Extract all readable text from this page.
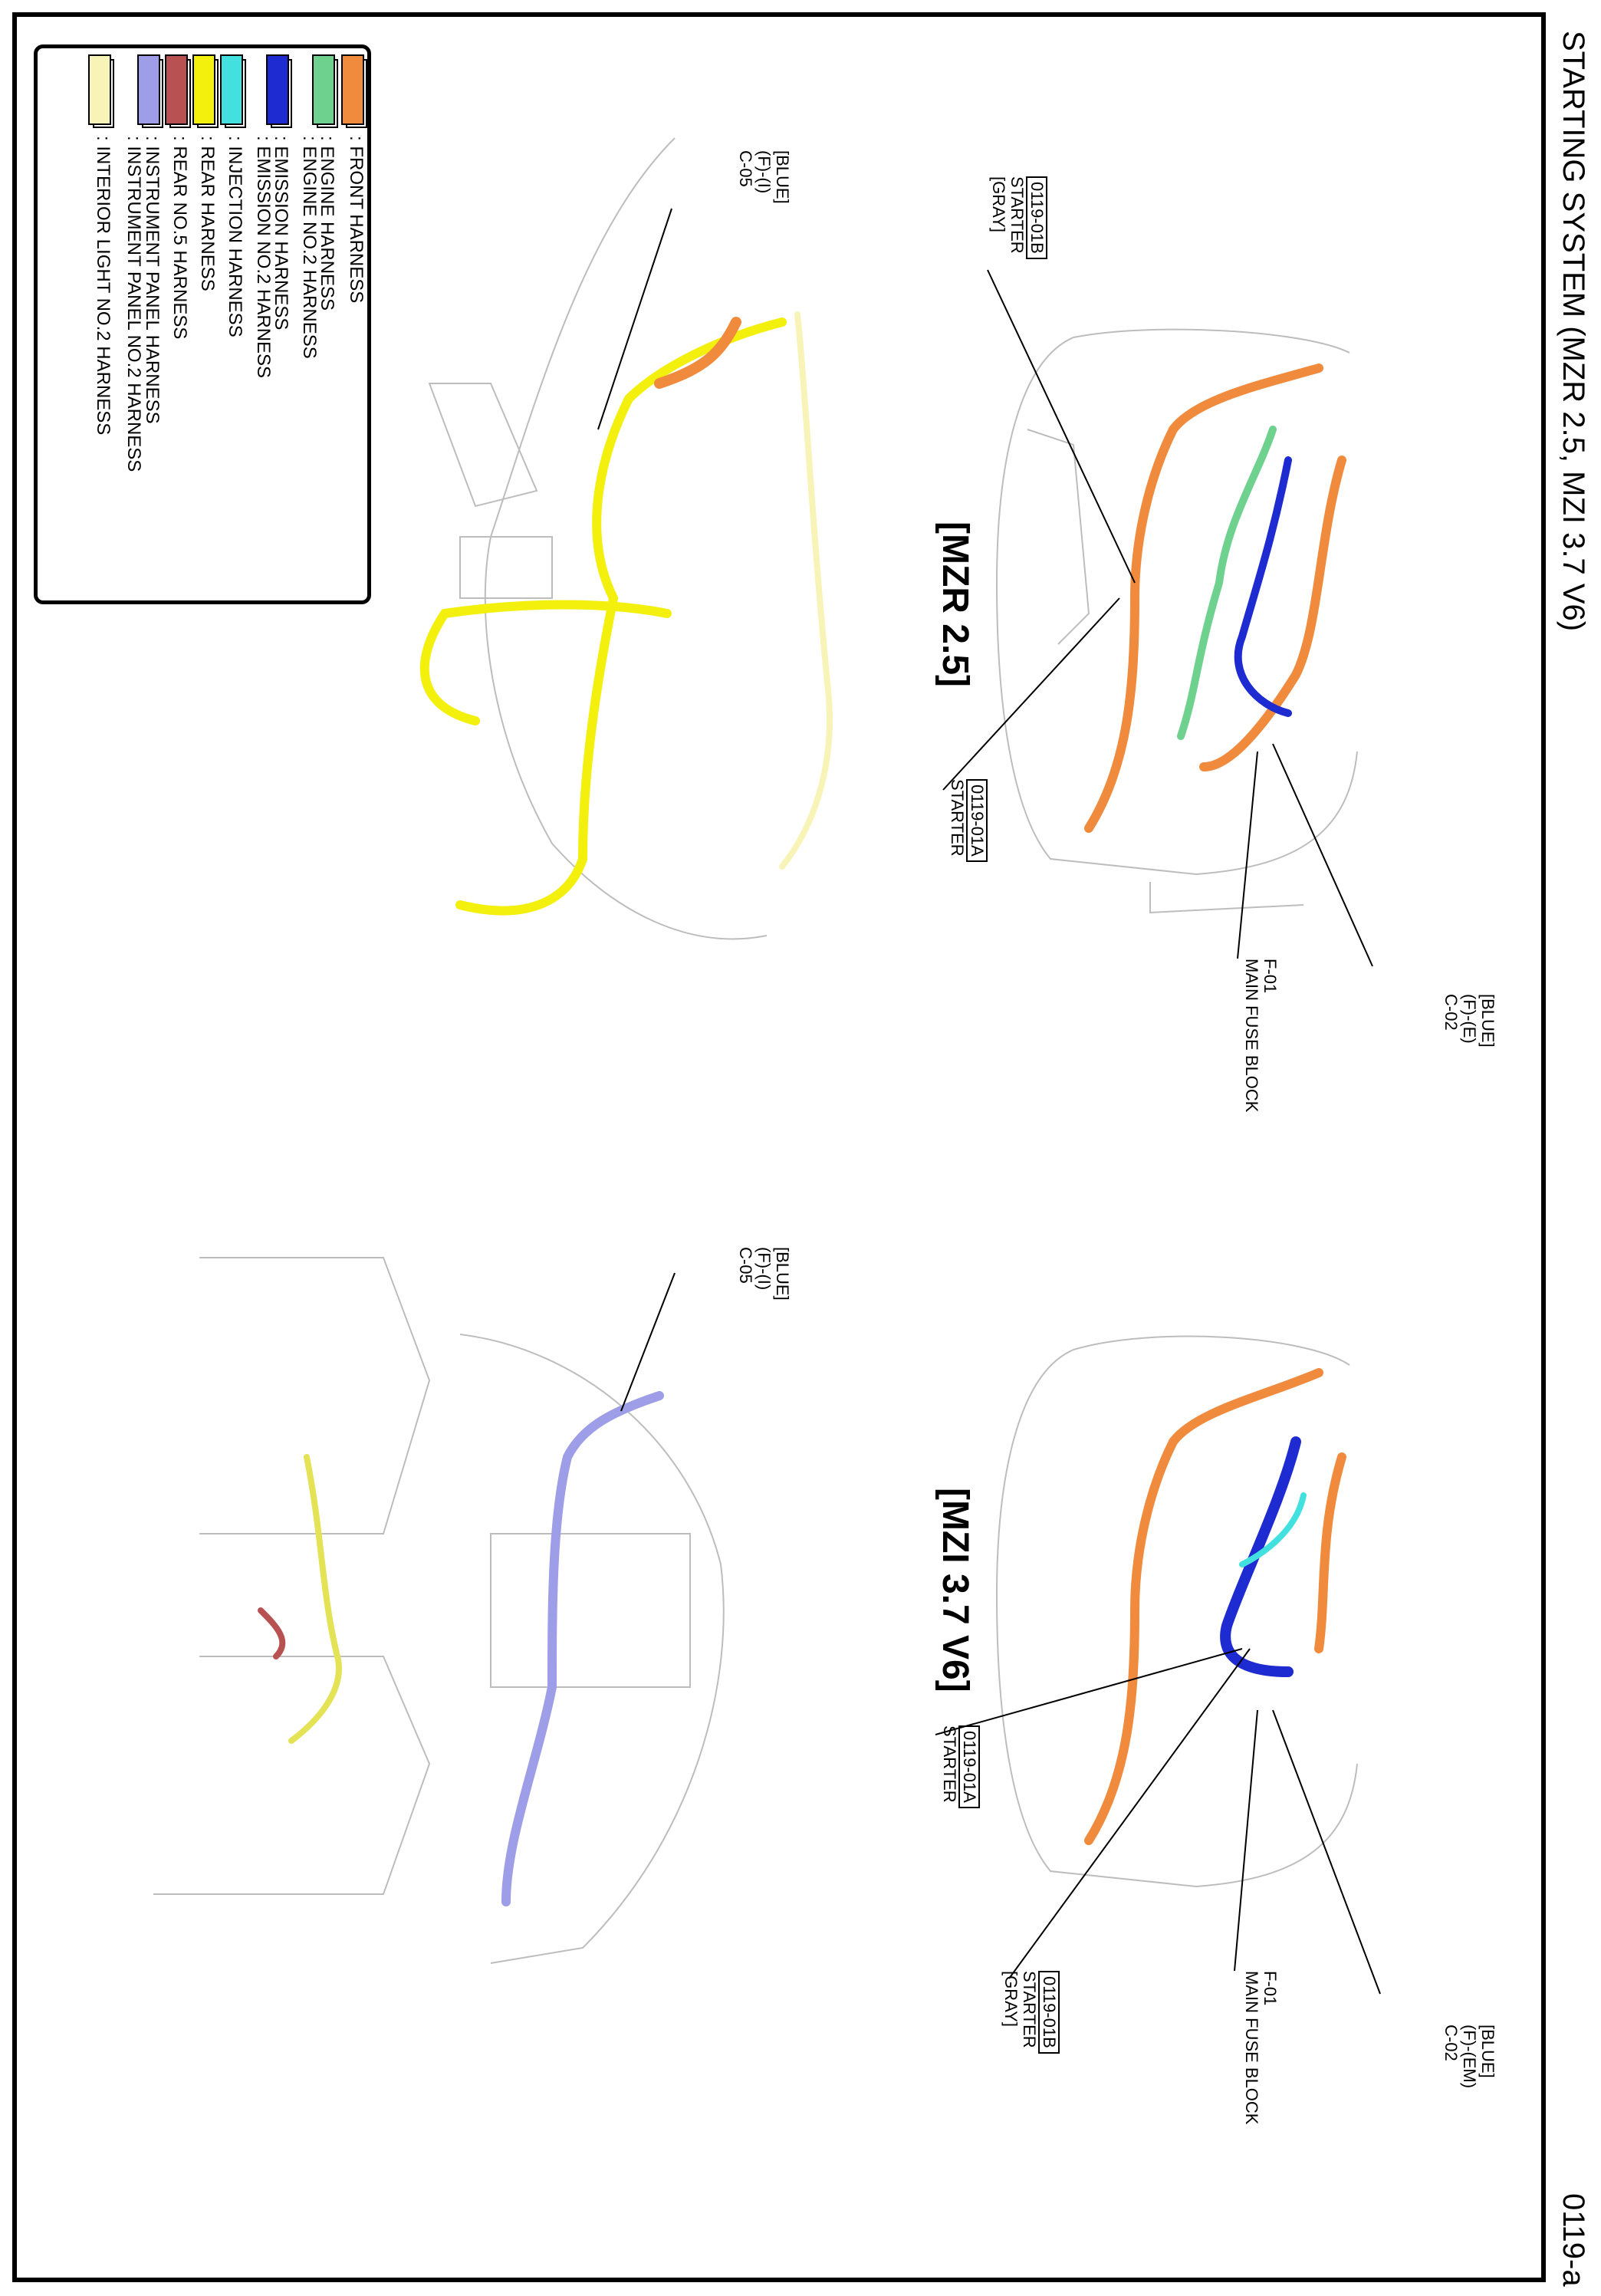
STARTING SYSTEM (MZR 2.5, MZI 3.7 V6)
0119-a
: FRONT HARNESS
: ENGINE HARNESS
: ENGINE NO.2 HARNESS
: EMISSION HARNESS
: EMISSION NO.2 HARNESS
: INJECTION HARNESS
: REAR HARNESS
: REAR NO.5 HARNESS
: INSTRUMENT PANEL HARNESS
: INSTRUMENT PANEL NO.2 HARNESS
: INTERIOR LIGHT NO.2 HARNESS
[MZR 2.5]
[MZI 3.7 V6]
[BLUE]
(F)-(I)
C-05
0119-01B
STARTER
[GRAY]
0119-01A
STARTER
F-01
MAIN FUSE BLOCK	[BLUE]
(F)-(E)
C-02
[BLUE]
(F)-(I)
C-05
0119-01A
STARTER
0119-01B
STARTER
[GRAY]	F-01
MAIN FUSE BLOCK	[BLUE]
(F)-(EM)
C-02
